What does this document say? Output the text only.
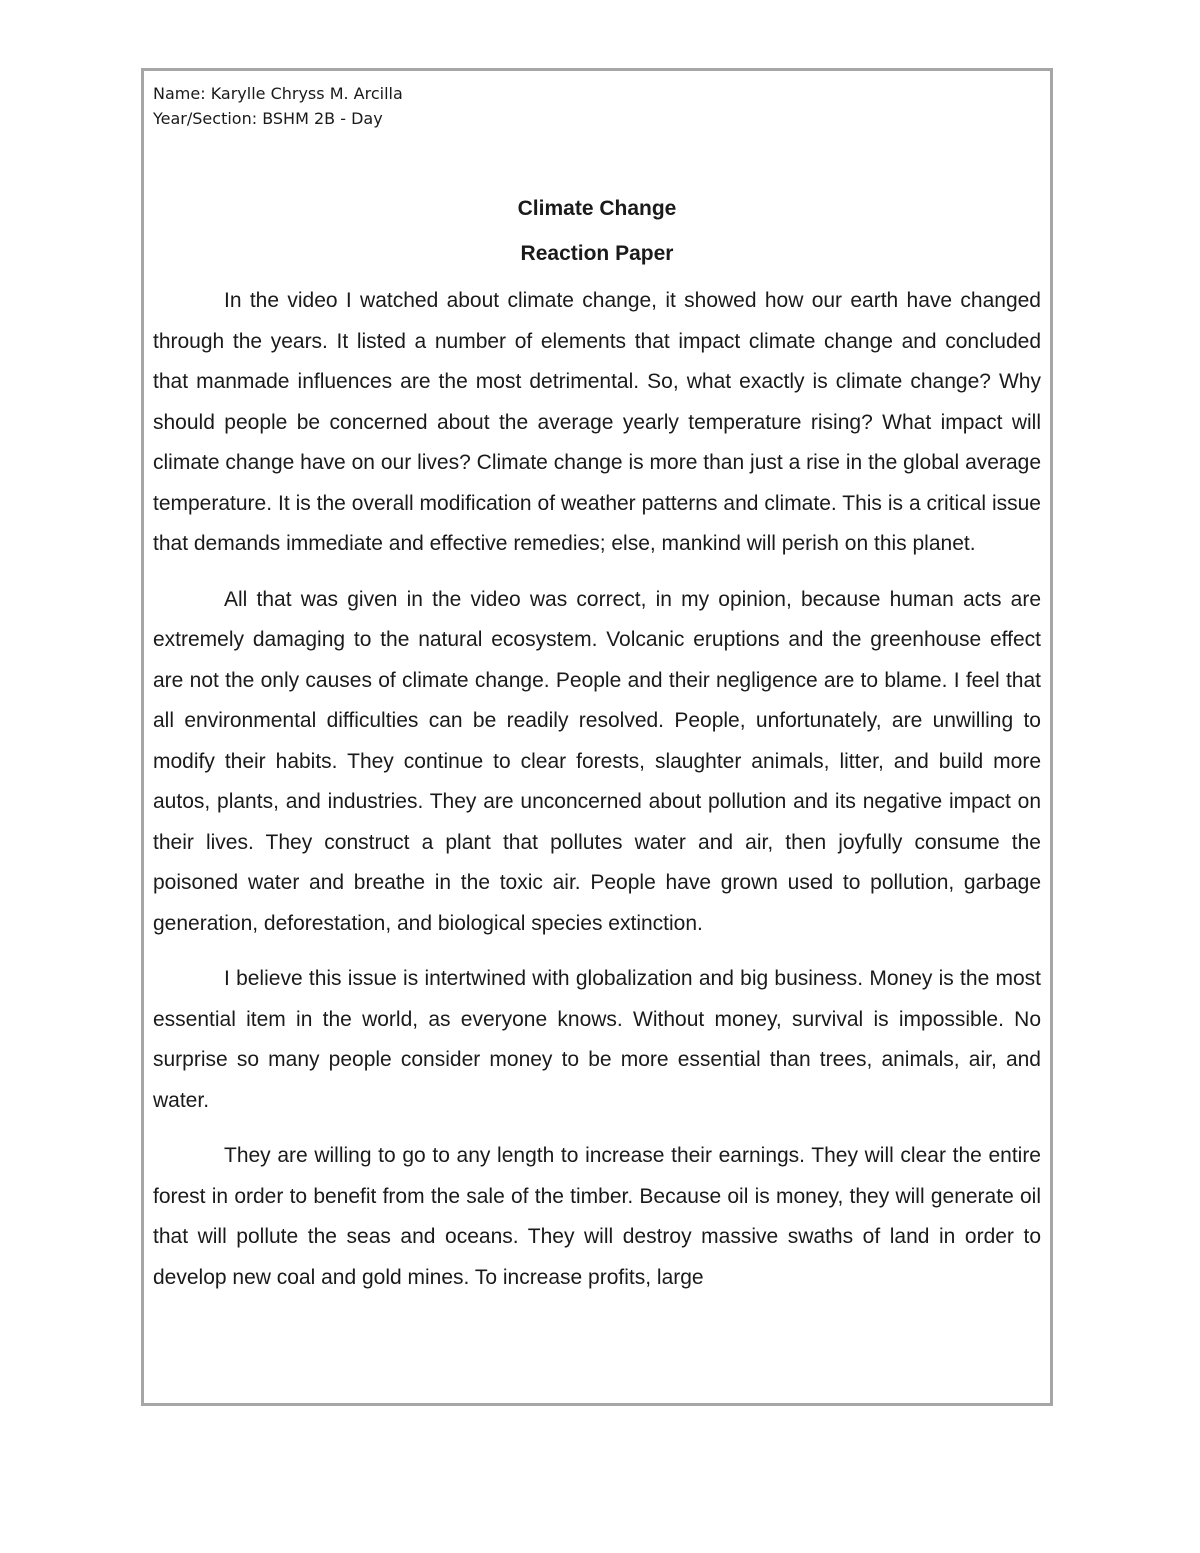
Name: Karylle Chryss M. Arcilla
Year/Section: BSHM 2B - Day
Climate Change
Reaction Paper

In the video I watched about climate change, it showed how our earth have changed through the years. It listed a number of elements that impact climate change and concluded that manmade influences are the most detrimental. So, what exactly is climate change? Why should people be concerned about the average yearly temperature rising? What impact will climate change have on our lives? Climate change is more than just a rise in the global average temperature. It is the overall modification of weather patterns and climate. This is a critical issue that demands immediate and effective remedies; else, mankind will perish on this planet.

All that was given in the video was correct, in my opinion, because human acts are extremely damaging to the natural ecosystem. Volcanic eruptions and the greenhouse effect are not the only causes of climate change. People and their negligence are to blame. I feel that all environmental difficulties can be readily resolved. People, unfortunately, are unwilling to modify their habits. They continue to clear forests, slaughter animals, litter, and build more autos, plants, and industries. They are unconcerned about pollution and its negative impact on their lives. They construct a plant that pollutes water and air, then joyfully consume the poisoned water and breathe in the toxic air. People have grown used to pollution, garbage generation, deforestation, and biological species extinction.

I believe this issue is intertwined with globalization and big business. Money is the most essential item in the world, as everyone knows. Without money, survival is impossible. No surprise so many people consider money to be more essential than trees, animals, air, and water.

They are willing to go to any length to increase their earnings. They will clear the entire forest in order to benefit from the sale of the timber. Because oil is money, they will generate oil that will pollute the seas and oceans. They will destroy massive swaths of land in order to develop new coal and gold mines. To increase profits, large
